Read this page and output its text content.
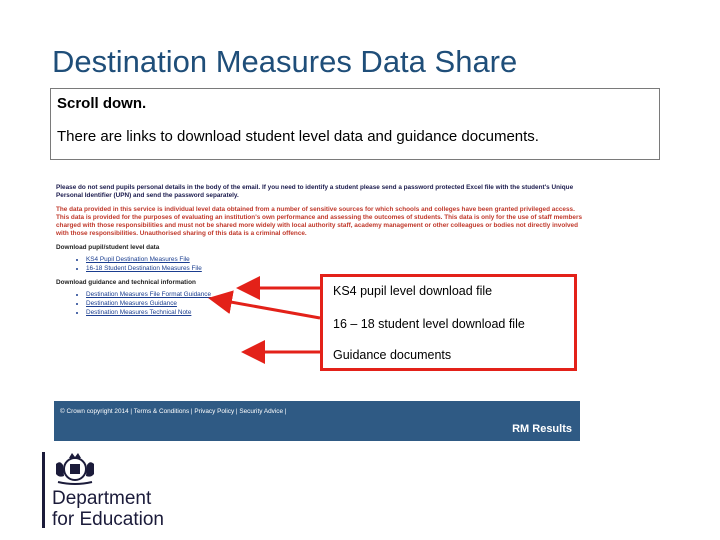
Destination Measures Data Share
Scroll down.
There are links to download student level data and guidance documents.

Please do not send pupils personal details in the body of the email. If you need to identify a student please send a password protected Excel file with the student's Unique Personal Identifier (UPN) and send the password separately.

The data provided in this service is individual level data obtained from a number of sensitive sources for which schools and colleges have been granted privileged access. This data is provided for the purposes of evaluating an institution's own performance and assessing the outcomes of students. This data is only for the use of staff members charged with those responsibilities and must not be shared more widely with local authority staff, academy management or other colleagues or bodies not directly involved with those responsibilities. Unauthorised sharing of this data is a criminal offence.

Download pupil/student level data
• KS4 Pupil Destination Measures File
• 16-18 Student Destination Measures File
Download guidance and technical information
• Destination Measures File Format Guidance
• Destination Measures Guidance
• Destination Measures Technical Note
KS4 pupil level download file
16 – 18 student level download file
Guidance documents
© Crown copyright 2014 | Terms & Conditions | Privacy Policy | Security Advice |
RM Results
Department
for Education
